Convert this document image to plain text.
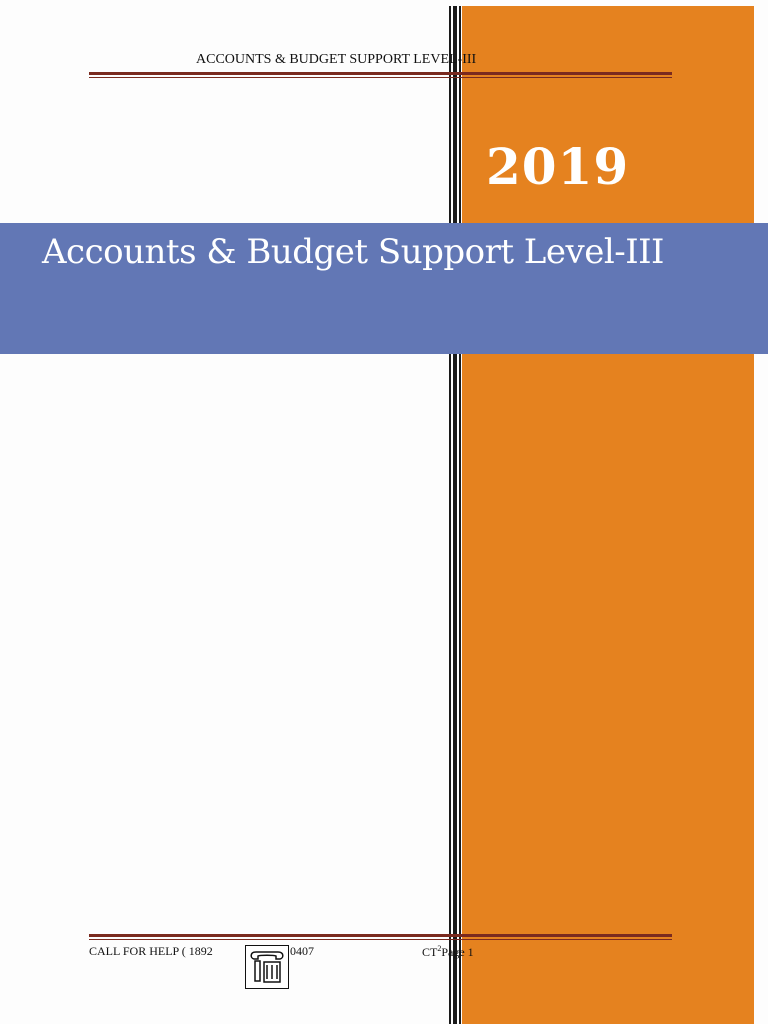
ACCOUNTS & BUDGET SUPPORT LEVEL-III
2019
Accounts & Budget Support Level-III
CALL FOR HELP ( 1892	0407	$CT^2Page$ 1
